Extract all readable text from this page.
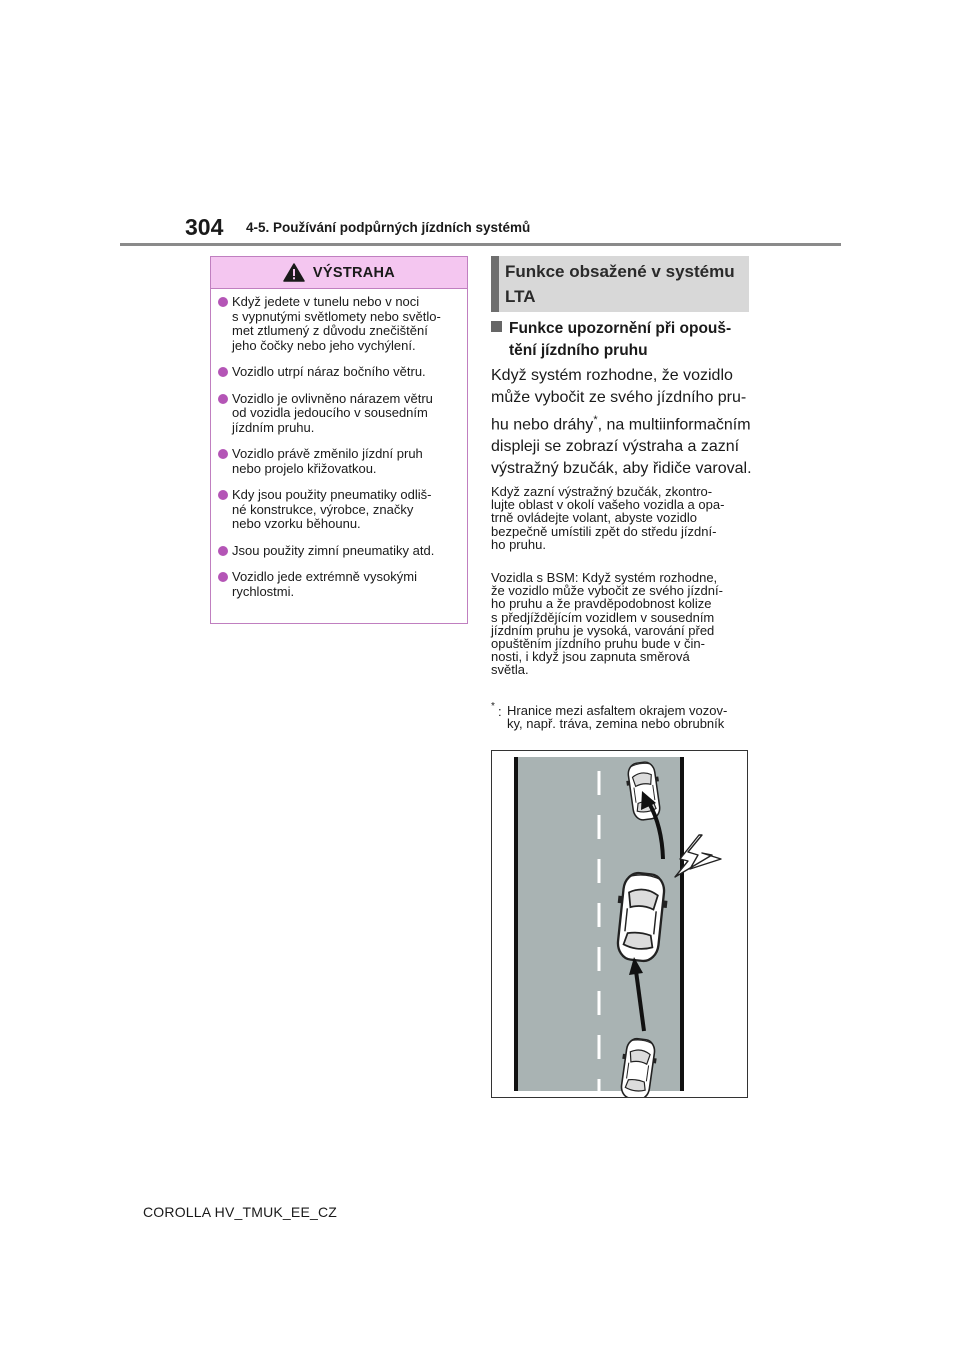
304 4-5. Používání podpůrných jízdních systémů
VÝSTRAHA
Když jedete v tunelu nebo v noci
s vypnutými světlomety nebo světlo-
met ztlumený z důvodu znečištění
jeho čočky nebo jeho vychýlení.
Vozidlo utrpí náraz bočního větru.
Vozidlo je ovlivněno nárazem větru
od vozidla jedoucího v sousedním
jízdním pruhu.
Vozidlo právě změnilo jízdní pruh
nebo projelo křižovatkou.
Kdy jsou použity pneumatiky odliš-
né konstrukce, výrobce, značky
nebo vzorku běhounu.
Jsou použity zimní pneumatiky atd.
Vozidlo jede extrémně vysokými
rychlostmi.
Funkce obsažené v systému
LTA
Funkce upozornění při opouš-
tění jízdního pruhu
Když systém rozhodne, že vozidlo
může vybočit ze svého jízdního pru-
hu nebo dráhy*, na multiinformačním
displeji se zobrazí výstraha a zazní
výstražný bzučák, aby řidiče varoval.
Když zazní výstražný bzučák, zkontro-
lujte oblast v okolí vašeho vozidla a opa-
trně ovládejte volant, abyste vozidlo
bezpečně umístili zpět do středu jízdní-
ho pruhu.
Vozidla s BSM: Když systém rozhodne,
že vozidlo může vybočit ze svého jízdní-
ho pruhu a že pravděpodobnost kolize
s předjíždějícím vozidlem v sousedním
jízdním pruhu je vysoká, varování před
opuštěním jízdního pruhu bude v čin-
nosti, i když jsou zapnuta směrová
světla.
* : Hranice mezi asfaltem okrajem vozov-
ky, např. tráva, zemina nebo obrubník
COROLLA HV_TMUK_EE_CZ
